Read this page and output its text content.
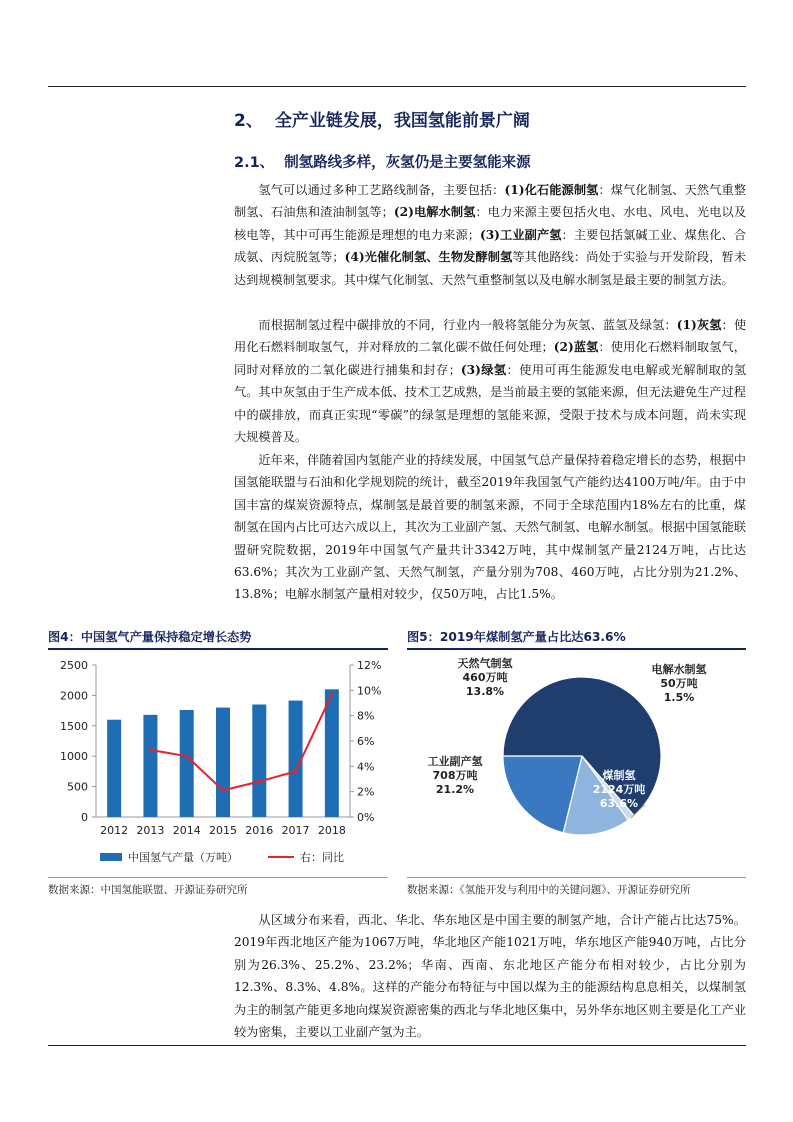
2、 全产业链发展，我国氢能前景广阔
2.1、 制氢路线多样，灰氢仍是主要氢能来源

氢气可以通过多种工艺路线制备，主要包括：(1)化石能源制氢：煤气化制氢、天然气重整制氢、石油焦和渣油制氢等；(2)电解水制氢：电力来源主要包括火电、水电、风电、光电以及核电等，其中可再生能源是理想的电力来源；(3)工业副产氢：主要包括氯碱工业、煤焦化、合成氨、丙烷脱氢等；(4)光催化制氢、生物发酵制氢等其他路线：尚处于实验与开发阶段，暂未达到规模制氢要求。其中煤气化制氢、天然气重整制氢以及电解水制氢是最主要的制氢方法。

而根据制氢过程中碳排放的不同，行业内一般将氢能分为灰氢、蓝氢及绿氢：(1)灰氢：使用化石燃料制取氢气，并对释放的二氧化碳不做任何处理；(2)蓝氢：使用化石燃料制取氢气，同时对释放的二氧化碳进行捕集和封存；(3)绿氢：使用可再生能源发电电解或光解制取的氢气。其中灰氢由于生产成本低、技术工艺成熟，是当前最主要的氢能来源，但无法避免生产过程中的碳排放，而真正实现“零碳”的绿氢是理想的氢能来源，受限于技术与成本问题，尚未实现大规模普及。

近年来，伴随着国内氢能产业的持续发展，中国氢气总产量保持着稳定增长的态势，根据中国氢能联盟与石油和化学规划院的统计，截至2019年我国氢气产能约达4100万吨/年。由于中国丰富的煤炭资源特点，煤制氢是最首要的制氢来源，不同于全球范围内18%左右的比重，煤制氢在国内占比可达六成以上，其次为工业副产氢、天然气制氢、电解水制氢。根据中国氢能联盟研究院数据，2019年中国氢气产量共计3342万吨，其中煤制氢产量2124万吨，占比达63.6%；其次为工业副产氢、天然气制氢，产量分别为708、460万吨，占比分别为21.2%、13.8%；电解水制氢产量相对较少，仅50万吨，占比1.5%。

图4：中国氢气产量保持稳定增长态势	图5：2019年煤制氢产量占比达63.6%
0
500
1000
1500
2000
2500
0%
2%
4%
6%
8%
10%
12%
2012 2013 2014 2015 2016 2017 2018
中国氢气产量（万吨）	右：同比
煤制氢
2124万吨
63.6%
工业副产氢
708万吨
21.2%
天然气制氢
460万吨
13.8%
电解水制氢
50万吨
1.5%
数据来源：中国氢能联盟、开源证券研究所	数据来源：《氢能开发与利用中的关键问题》、开源证券研究所

从区域分布来看，西北、华北、华东地区是中国主要的制氢产地，合计产能占比达75%。2019年西北地区产能为1067万吨，华北地区产能1021万吨，华东地区产能940万吨，占比分别为26.3%、25.2%、23.2%；华南、西南、东北地区产能分布相对较少，占比分别为12.3%、8.3%、4.8%。这样的产能分布特征与中国以煤为主的能源结构息息相关，以煤制氢为主的制氢产能更多地向煤炭资源密集的西北与华北地区集中，另外华东地区则主要是化工产业较为密集，主要以工业副产氢为主。
